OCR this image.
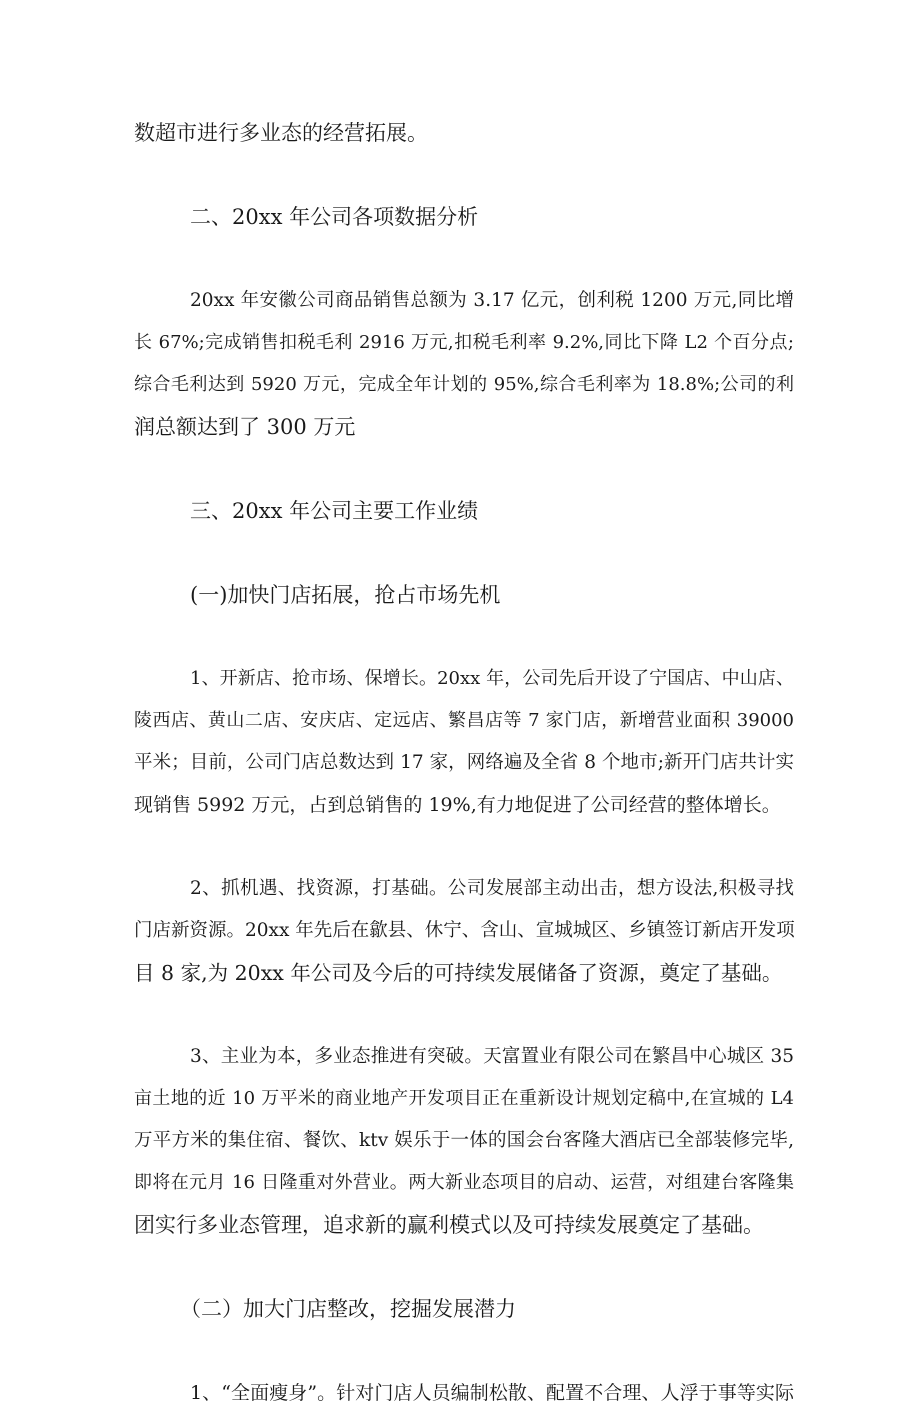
数超市进行多业态的经营拓展。
二、20xx 年公司各项数据分析
20xx 年安徽公司商品销售总额为 3.17 亿元，创利税 1200 万元,同比增
长 67%;完成销售扣税毛利 2916 万元,扣税毛利率 9.2%,同比下降 L2 个百分点;
综合毛利达到 5920 万元，完成全年计划的 95%,综合毛利率为 18.8%;公司的利
润总额达到了 300 万元
三、20xx 年公司主要工作业绩
(一)加快门店拓展，抢占市场先机
1、开新店、抢市场、保增长。20xx 年，公司先后开设了宁国店、中山店、
陵西店、黄山二店、安庆店、定远店、繁昌店等 7 家门店，新增营业面积 39000
平米；目前，公司门店总数达到 17 家，网络遍及全省 8 个地市;新开门店共计实
现销售 5992 万元，占到总销售的 19%,有力地促进了公司经营的整体增长。
2、抓机遇、找资源，打基础。公司发展部主动出击，想方设法,积极寻找
门店新资源。20xx 年先后在歙县、休宁、含山、宣城城区、乡镇签订新店开发项
目 8 家,为 20xx 年公司及今后的可持续发展储备了资源，奠定了基础。
3、主业为本，多业态推进有突破。天富置业有限公司在繁昌中心城区 35
亩土地的近 10 万平米的商业地产开发项目正在重新设计规划定稿中,在宣城的 L4
万平方米的集住宿、餐饮、ktv 娱乐于一体的国会台客隆大酒店已全部装修完毕,
即将在元月 16 日隆重对外营业。两大新业态项目的启动、运营，对组建台客隆集
团实行多业态管理，追求新的赢利模式以及可持续发展奠定了基础。
（二）加大门店整改，挖掘发展潜力
1、“全面瘦身”。针对门店人员编制松散、配置不合理、人浮于事等实际
